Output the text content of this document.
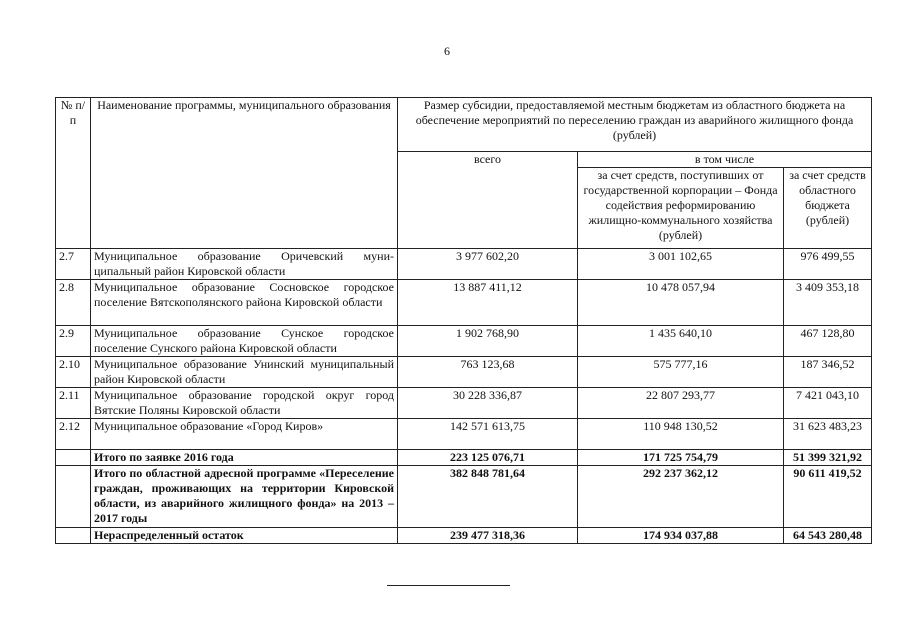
6
№ п/п	Наименование программы, муниципального образования	Размер субсидии, предоставляемой местным бюджетам из областного бюджета на обеспечение мероприятий по переселению граждан из аварийного жилищного фонда (рублей)		
		всего	в том числе	
			за счет средств, поступивших от государственной корпорации – Фонда содействия реформированию жилищно-коммунального хозяйства (рублей)	за счет средств областного бюджета (рублей)
2.7	Муниципальное образование Оричевский муниципальный район Кировской области	3 977 602,20	3 001 102,65	976 499,55
2.8	Муниципальное образование Сосновское городское поселение Вятскополянского района Кировской области	13 887 411,12	10 478 057,94	3 409 353,18
2.9	Муниципальное образование Сунское городское поселение Сунского района Кировской области	1 902 768,90	1 435 640,10	467 128,80
2.10	Муниципальное образование Унинский муниципальный район Кировской области	763 123,68	575 777,16	187 346,52
2.11	Муниципальное образование городской округ город Вятские Поляны Кировской области	30 228 336,87	22 807 293,77	7 421 043,10
2.12	Муниципальное образование «Город Киров»	142 571 613,75	110 948 130,52	31 623 483,23
	Итого по заявке 2016 года	223 125 076,71	171 725 754,79	51 399 321,92
	Итого по областной адресной программе «Переселение граждан, проживающих на территории Кировской области, из аварийного жилищного фонда» на 2013 – 2017 годы	382 848 781,64	292 237 362,12	90 611 419,52
	Нераспределенный остаток	239 477 318,36	174 934 037,88	64 543 280,48
